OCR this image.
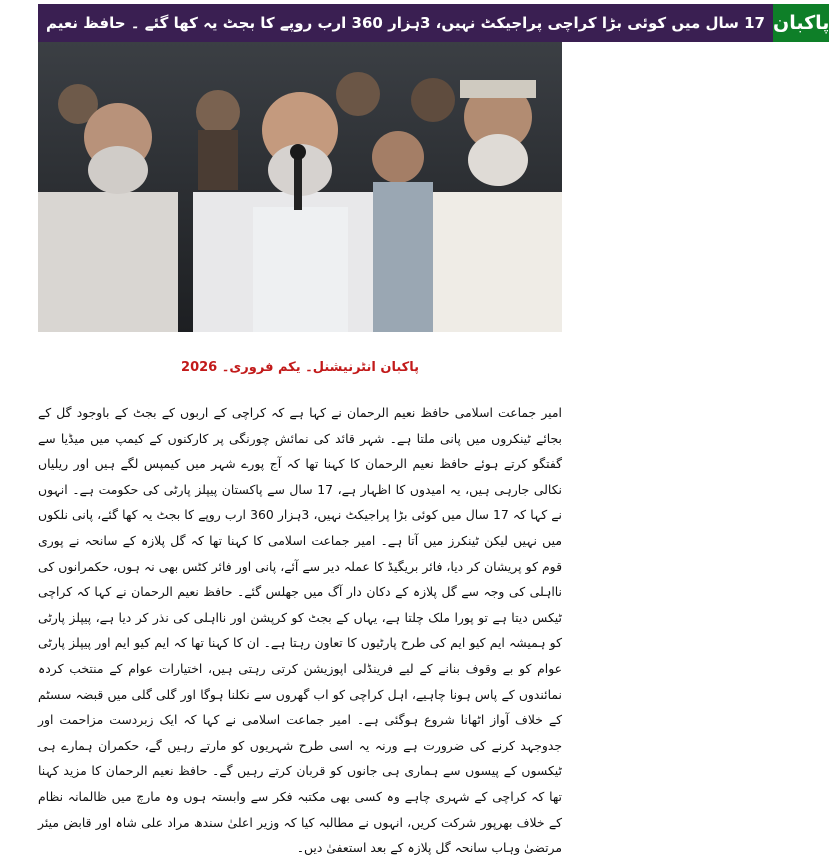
17 سال میں کوئی بڑا کراچی پراجیکٹ نہیں، 3ہزار 360 ارب روپے کا بجٹ یہ کھا گئے ۔ حافظ نعیم پاکبان
پاکبان انٹرنیشنل۔ یکم فروری۔ 2026

امیر جماعت اسلامی حافظ نعیم الرحمان نے کہا ہے کہ کراچی کے اربوں کے بجٹ کے باوجود گل کے بجائے ٹینکروں میں پانی ملتا ہے۔ شہر قائد کی نمائش چورنگی پر کارکنوں کے کیمپ میں میڈیا سے گفتگو کرتے ہوئے حافظ نعیم الرحمان کا کہنا تھا کہ آج پورے شہر میں کیمپس لگے ہیں اور ریلیاں نکالی جارہی ہیں، یہ امیدوں کا اظہار ہے، 17 سال سے پاکستان پیپلز پارٹی کی حکومت ہے۔ انہوں نے کہا کہ 17 سال میں کوئی بڑا پراجیکٹ نہیں، 3ہزار 360 ارب روپے کا بجٹ یہ کھا گئے، پانی نلکوں میں نہیں لیکن ٹینکرز میں آتا ہے۔ امیر جماعت اسلامی کا کہنا تھا کہ گل پلازہ کے سانحہ نے پوری قوم کو پریشان کر دیا، فائر بریگیڈ کا عملہ دیر سے آئے، پانی اور فائر کٹس بھی نہ ہوں، حکمرانوں کی نااہلی کی وجہ سے گل پلازہ کے دکان دار آگ میں جھلس گئے۔ حافظ نعیم الرحمان نے کہا کہ کراچی ٹیکس دیتا ہے تو پورا ملک چلتا ہے، یہاں کے بجٹ کو کرپشن اور نااہلی کی نذر کر دیا ہے، پیپلز پارٹی کو ہمیشہ ایم کیو ایم کی طرح پارٹیوں کا تعاون رہتا ہے۔ ان کا کہنا تھا کہ ایم کیو ایم اور پیپلز پارٹی عوام کو بے وقوف بنانے کے لیے فرینڈلی اپوزیشن کرتی رہتی ہیں، اختیارات عوام کے منتخب کردہ نمائندوں کے پاس ہونا چاہیے، اہل کراچی کو اب گھروں سے نکلنا ہوگا اور گلی گلی میں قبضہ سسٹم کے خلاف آواز اٹھانا شروع ہوگئی ہے۔ امیر جماعت اسلامی نے کہا کہ ایک زبردست مزاحمت اور جدوجہد کرنے کی ضرورت ہے ورنہ یہ اسی طرح شہریوں کو مارتے رہیں گے، حکمران ہمارے ہی ٹیکسوں کے پیسوں سے ہماری ہی جانوں کو قربان کرتے رہیں گے۔ حافظ نعیم الرحمان کا مزید کہنا تھا کہ کراچی کے شہری چاہے وہ کسی بھی مکتبہ فکر سے وابستہ ہوں وہ مارچ میں ظالمانہ نظام کے خلاف بھرپور شرکت کریں، انہوں نے مطالبہ کیا کہ وزیر اعلیٰ سندھ مراد علی شاہ اور قابض میئر مرتضیٰ وہاب سانحہ گل پلازہ کے بعد استعفیٰ دیں۔
